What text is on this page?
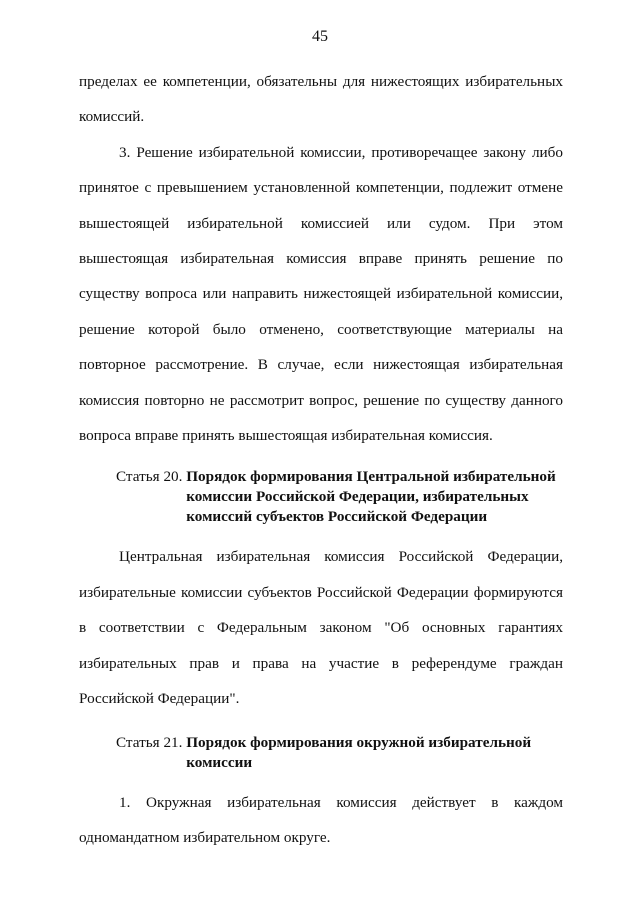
45
пределах ее компетенции, обязательны для нижестоящих избирательных
комиссий.
3. Решение избирательной комиссии, противоречащее закону либо
принятое с превышением установленной компетенции, подлежит отмене
вышестоящей избирательной комиссией или судом. При этом
вышестоящая избирательная комиссия вправе принять решение по
существу вопроса или направить нижестоящей избирательной комиссии,
решение которой было отменено, соответствующие материалы на
повторное рассмотрение. В случае, если нижестоящая избирательная
комиссия повторно не рассмотрит вопрос, решение по существу данного
вопроса вправе принять вышестоящая избирательная комиссия.
Статья 20. Порядок формирования Центральной избирательной
комиссии Российской Федерации, избирательных
комиссий субъектов Российской Федерации
Центральная избирательная комиссия Российской Федерации,
избирательные комиссии субъектов Российской Федерации формируются
в соответствии с Федеральным законом "Об основных гарантиях
избирательных прав и права на участие в референдуме граждан
Российской Федерации".
Статья 21. Порядок формирования окружной избирательной
комиссии
1. Окружная избирательная комиссия действует в каждом
одномандатном избирательном округе.
